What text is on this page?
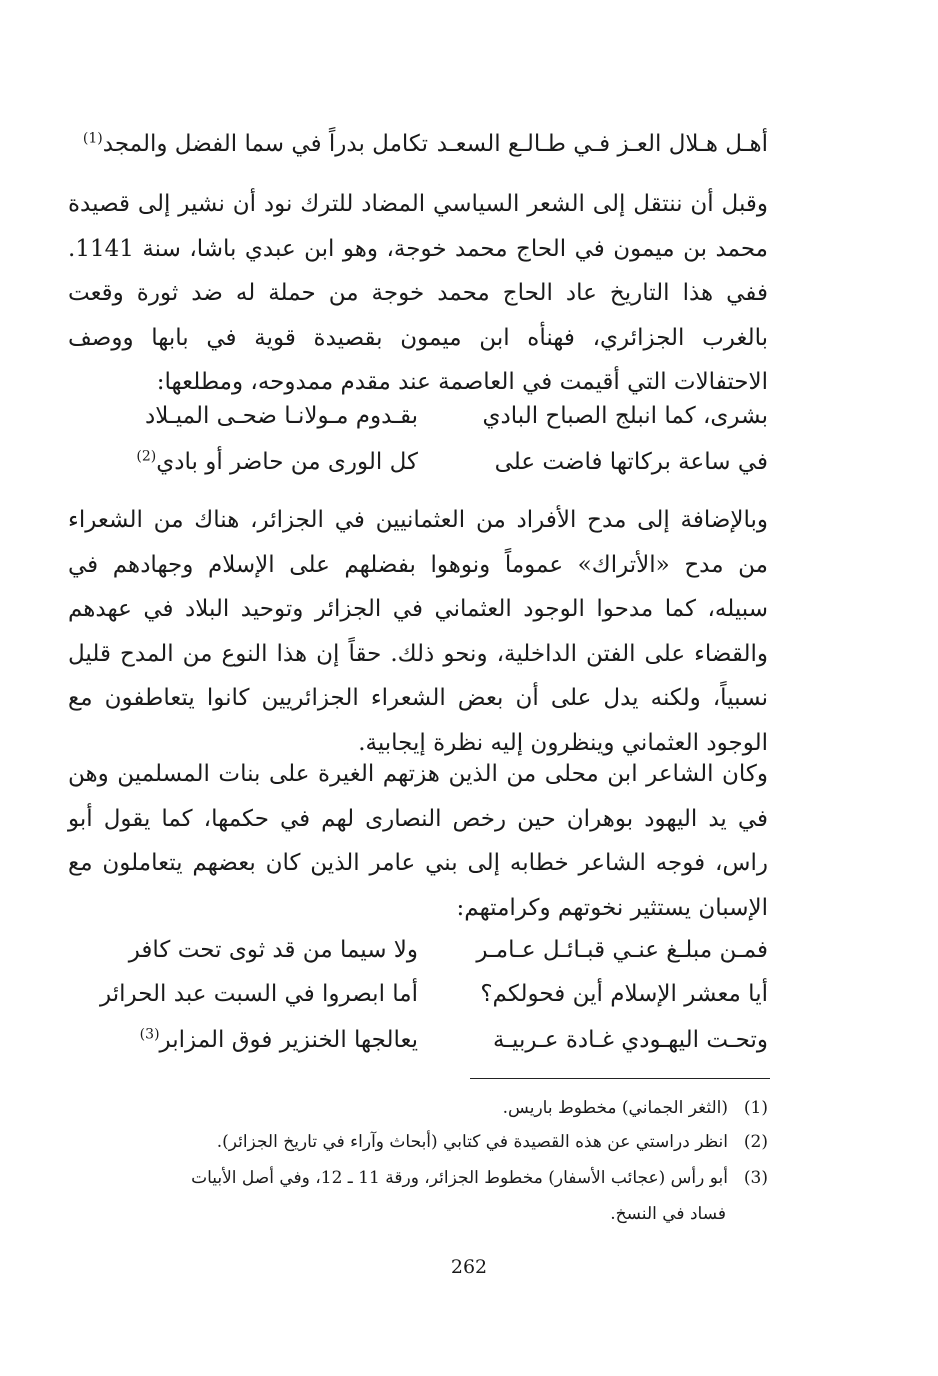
أهـل هـلال العـز فـي طـالـع السعـد
تكامل بدراً في سما الفضل والمجد$^{(1)}$
وقبل أن ننتقل إلى الشعر السياسي المضاد للترك نود أن نشير إلى قصيدة محمد بن ميمون في الحاج محمد خوجة، وهو ابن عبدي باشا، سنة 1141. ففي هذا التاريخ عاد الحاج محمد خوجة من حملة له ضد ثورة وقعت بالغرب الجزائري، فهنأه ابن ميمون بقصيدة قوية في بابها ووصف الاحتفالات التي أقيمت في العاصمة عند مقدم ممدوحه، ومطلعها:
بشرى، كما انبلج الصباح البادي
بقـدوم مـولانـا ضحـى الميـلاد
في ساعة بركاتها فاضت على
كل الورى من حاضر أو بادي$^{(2)}$
وبالإضافة إلى مدح الأفراد من العثمانيين في الجزائر، هناك من الشعراء من مدح «الأتراك» عموماً ونوهوا بفضلهم على الإسلام وجهادهم في سبيله، كما مدحوا الوجود العثماني في الجزائر وتوحيد البلاد في عهدهم والقضاء على الفتن الداخلية، ونحو ذلك. حقاً إن هذا النوع من المدح قليل نسبياً، ولكنه يدل على أن بعض الشعراء الجزائريين كانوا يتعاطفون مع الوجود العثماني وينظرون إليه نظرة إيجابية.
وكان الشاعر ابن محلى من الذين هزتهم الغيرة على بنات المسلمين وهن في يد اليهود بوهران حين رخص النصارى لهم في حكمها، كما يقول أبو راس، فوجه الشاعر خطابه إلى بني عامر الذين كان بعضهم يتعاملون مع الإسبان يستثير نخوتهم وكرامتهم:
فمـن مبلـغ عنـي قبـائـل عـامـر
ولا سيما من قد ثوى تحت كافر
أيا معشر الإسلام أين فحولكم؟
أما ابصروا في السبت عبد الحرائر
وتحـت اليهـودي غـادة عـربيـة
يعالجها الخنزير فوق المزابر$^{(3)}$
(1)(الثغر الجماني) مخطوط باريس.
(2)انظر دراستي عن هذه القصيدة في كتابي (أبحاث وآراء في تاريخ الجزائر).
(3)أبو رأس (عجائب الأسفار) مخطوط الجزائر، ورقة 11 ـ 12، وفي أصل الأبيات
فساد في النسخ.
262
